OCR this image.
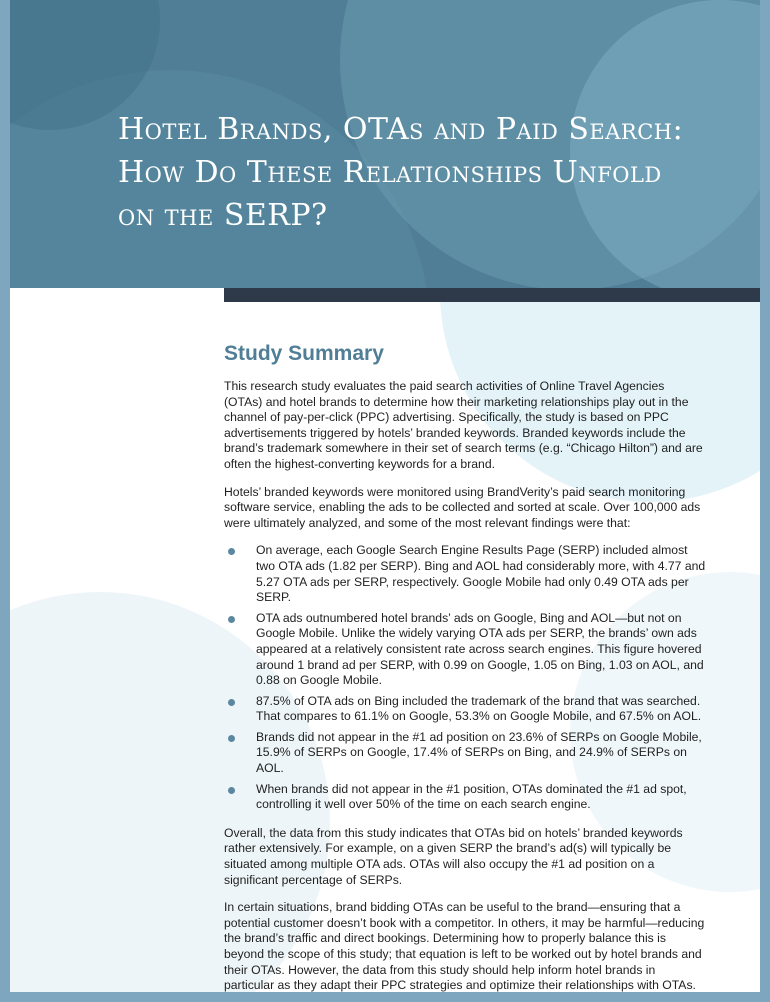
Hotel Brands, OTAs and Paid Search:
How Do These Relationships Unfold
on the SERP?
Study Summary

This research study evaluates the paid search activities of Online Travel Agencies (OTAs) and hotel brands to determine how their marketing relationships play out in the channel of pay-per-click (PPC) advertising. Specifically, the study is based on PPC advertisements triggered by hotels’ branded keywords. Branded keywords include the brand’s trademark somewhere in their set of search terms (e.g. “Chicago Hilton”) and are often the highest-converting keywords for a brand.

Hotels’ branded keywords were monitored using BrandVerity’s paid search monitoring software service, enabling the ads to be collected and sorted at scale. Over 100,000 ads were ultimately analyzed, and some of the most relevant findings were that:

On average, each Google Search Engine Results Page (SERP) included almost two OTA ads (1.82 per SERP). Bing and AOL had considerably more, with 4.77 and 5.27 OTA ads per SERP, respectively. Google Mobile had only 0.49 OTA ads per SERP.
OTA ads outnumbered hotel brands’ ads on Google, Bing and AOL—but not on Google Mobile. Unlike the widely varying OTA ads per SERP, the brands’ own ads appeared at a relatively consistent rate across search engines. This figure hovered around 1 brand ad per SERP, with 0.99 on Google, 1.05 on Bing, 1.03 on AOL, and 0.88 on Google Mobile.
87.5% of OTA ads on Bing included the trademark of the brand that was searched. That compares to 61.1% on Google, 53.3% on Google Mobile, and 67.5% on AOL.
Brands did not appear in the #1 ad position on 23.6% of SERPs on Google Mobile, 15.9% of SERPs on Google, 17.4% of SERPs on Bing, and 24.9% of SERPs on AOL.
When brands did not appear in the #1 position, OTAs dominated the #1 ad spot, controlling it well over 50% of the time on each search engine.

Overall, the data from this study indicates that OTAs bid on hotels’ branded keywords rather extensively. For example, on a given SERP the brand’s ad(s) will typically be situated among multiple OTA ads. OTAs will also occupy the #1 ad position on a significant percentage of SERPs.

In certain situations, brand bidding OTAs can be useful to the brand—ensuring that a potential customer doesn’t book with a competitor. In others, it may be harmful—reducing the brand’s traffic and direct bookings. Determining how to properly balance this is beyond the scope of this study; that equation is left to be worked out by hotel brands and their OTAs. However, the data from this study should help inform hotel brands in particular as they adapt their PPC strategies and optimize their relationships with OTAs.
